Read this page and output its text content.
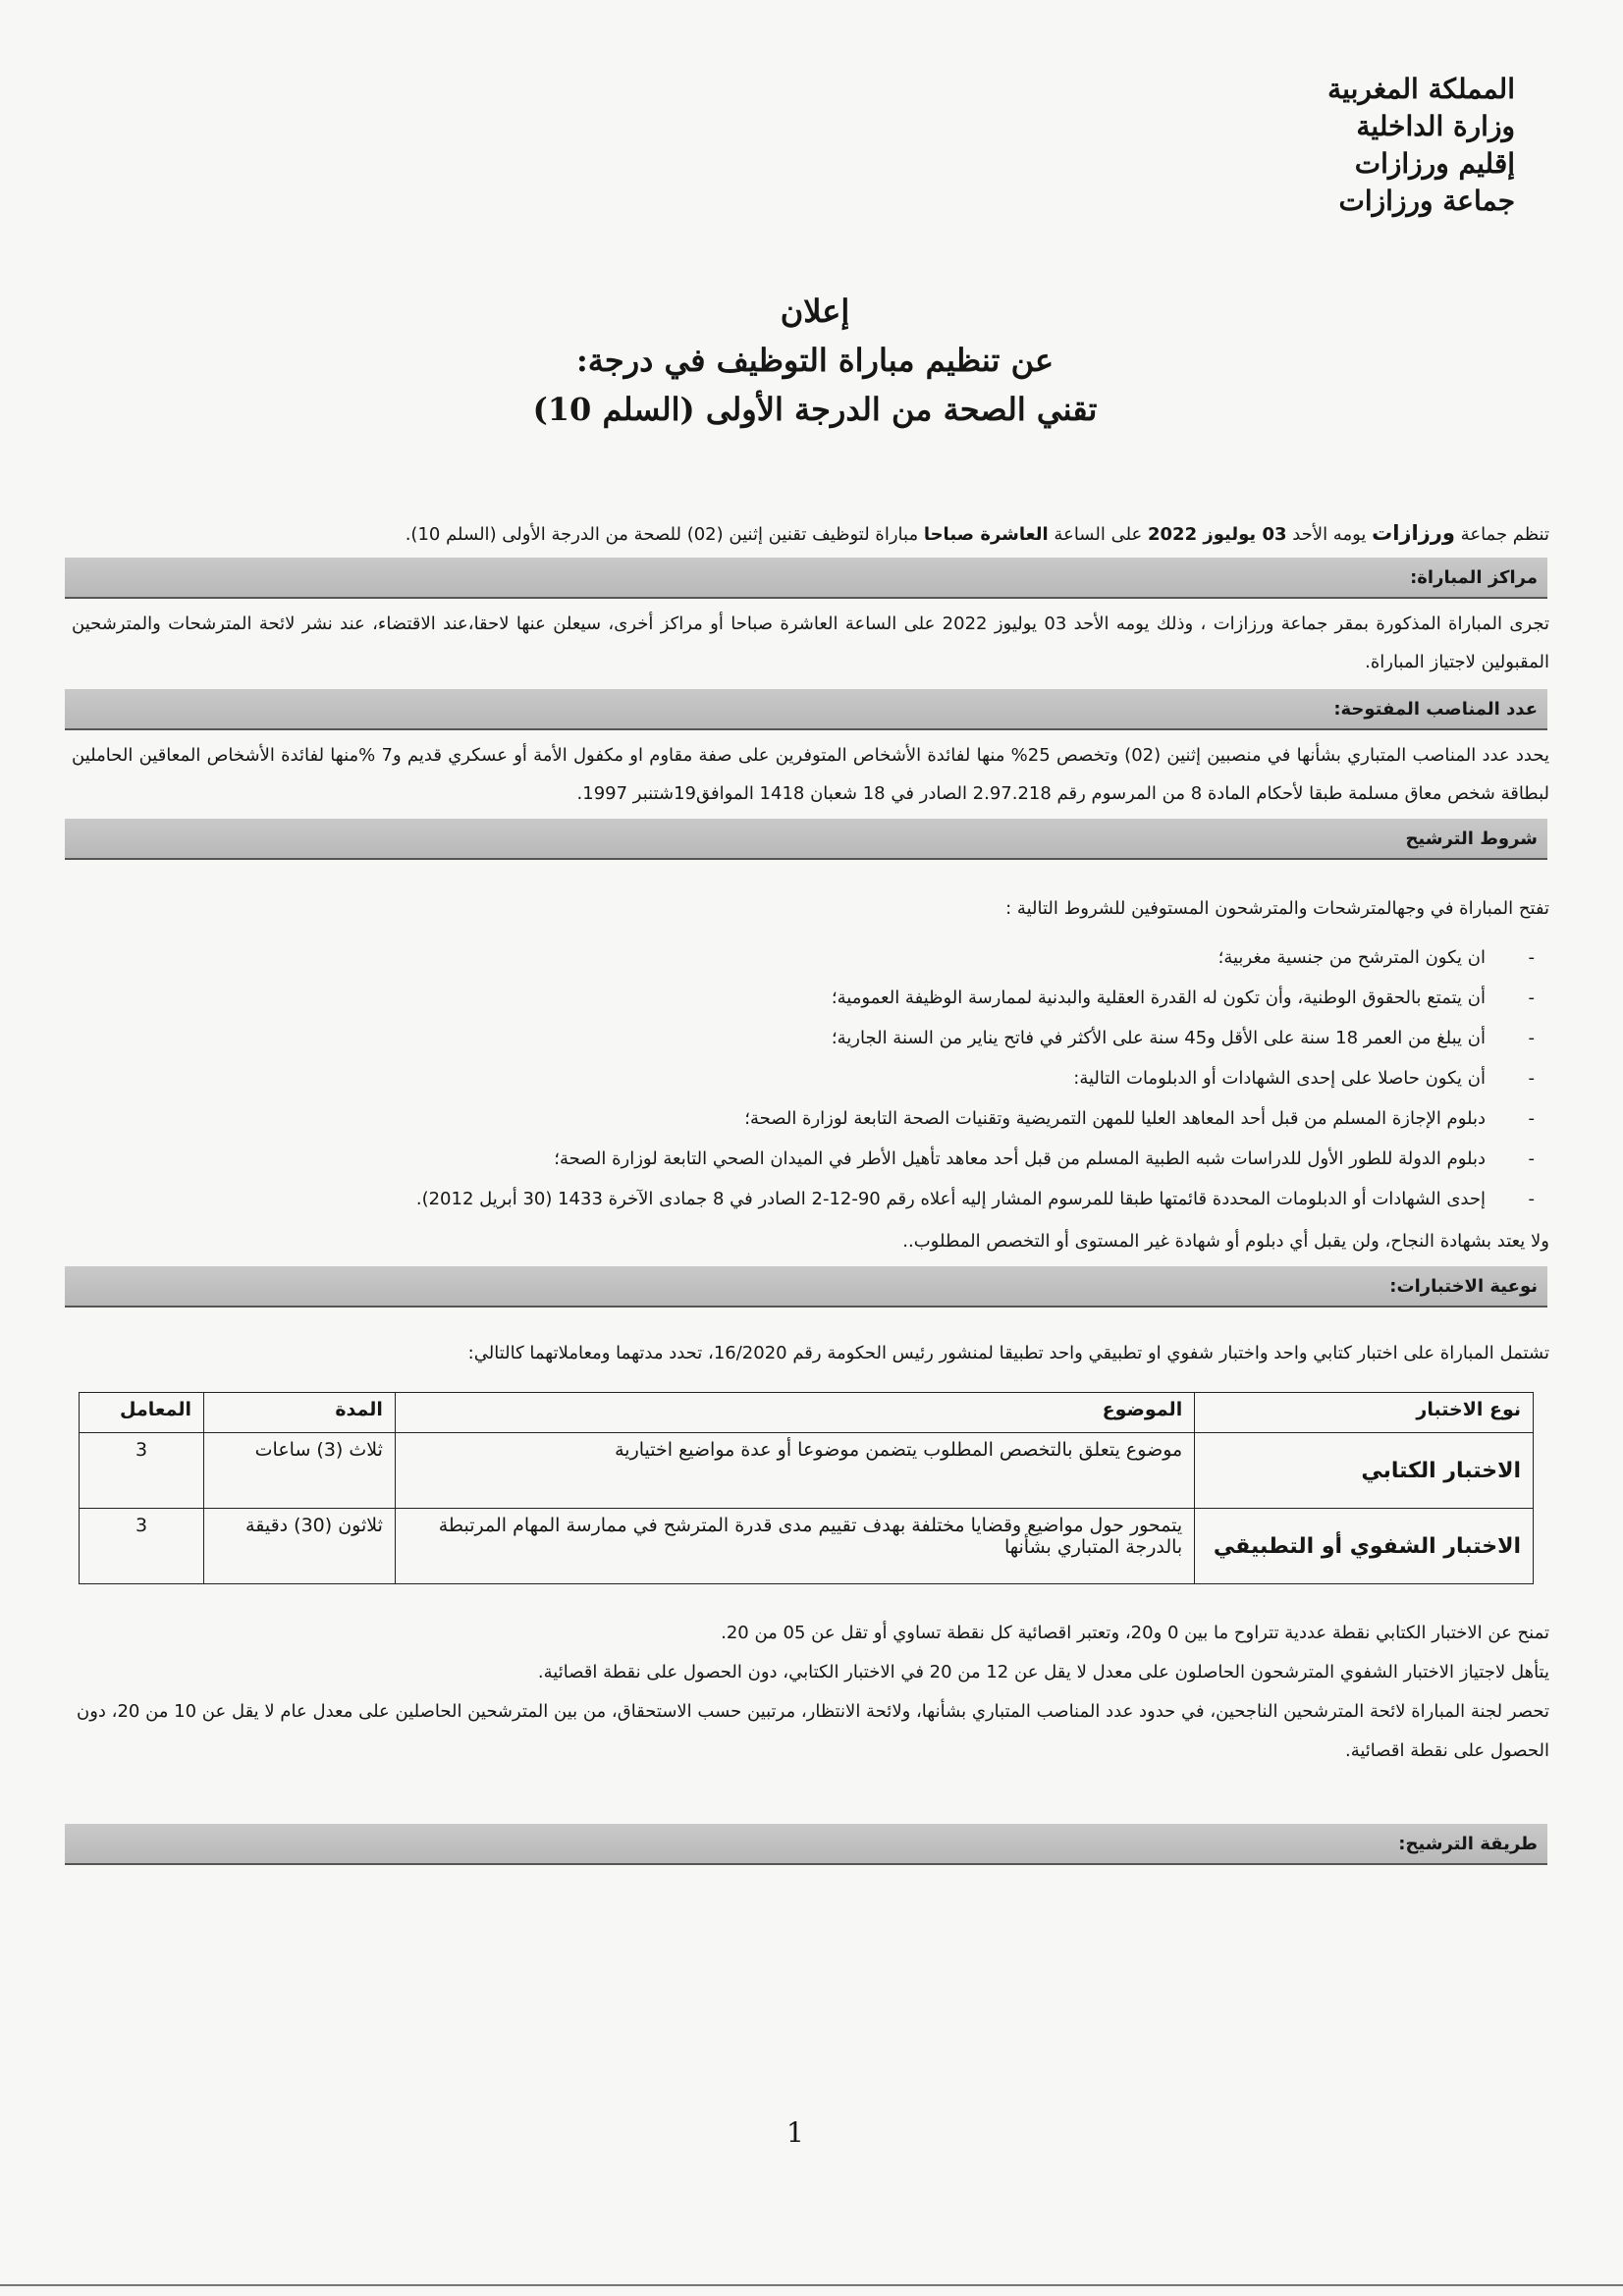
المملكة المغربية
وزارة الداخلية
إقليم ورزازات
جماعة ورزازات
إعلان
عن تنظيم مباراة التوظيف في درجة:
تقني الصحة من الدرجة الأولى (السلم 10)
تنظم جماعة ورزازات يومه الأحد 03 يوليوز 2022 على الساعة العاشرة صباحا مباراة لتوظيف تقنين إثنين (02) للصحة من الدرجة الأولى (السلم 10).
مراكز المباراة:
تجرى المباراة المذكورة بمقر جماعة ورزازات ، وذلك يومه الأحد 03 يوليوز 2022 على الساعة العاشرة صباحا أو مراكز أخرى، سيعلن عنها لاحقا،عند الاقتضاء، عند نشر لائحة المترشحات والمترشحين المقبولين لاجتياز المباراة.
عدد المناصب المفتوحة:
يحدد عدد المناصب المتباري بشأنها في منصبين إثنين (02) وتخصص 25% منها لفائدة الأشخاص المتوفرين على صفة مقاوم او مكفول الأمة أو عسكري قديم و7 %منها لفائدة الأشخاص المعاقين الحاملين لبطاقة شخص معاق مسلمة طبقا لأحكام المادة 8 من المرسوم رقم 2.97.218 الصادر في 18 شعبان 1418 الموافق19شتنبر 1997.
شروط الترشيح
تفتح المباراة في وجهالمترشحات والمترشحون المستوفين للشروط التالية :
-
ان يكون المترشح من جنسية مغربية؛
-
أن يتمتع بالحقوق الوطنية، وأن تكون له القدرة العقلية والبدنية لممارسة الوظيفة العمومية؛
-
أن يبلغ من العمر 18 سنة على الأقل و45 سنة على الأكثر في فاتح يناير من السنة الجارية؛
-
أن يكون حاصلا على إحدى الشهادات أو الدبلومات التالية:
-
دبلوم الإجازة المسلم من قبل أحد المعاهد العليا للمهن التمريضية وتقنيات الصحة التابعة لوزارة الصحة؛
-
دبلوم الدولة للطور الأول للدراسات شبه الطبية المسلم من قبل أحد معاهد تأهيل الأطر في الميدان الصحي التابعة لوزارة الصحة؛
-
إحدى الشهادات أو الدبلومات المحددة قائمتها طبقا للمرسوم المشار إليه أعلاه رقم 90-12-2 الصادر في 8 جمادى الآخرة 1433 (30 أبريل 2012).
ولا يعتد بشهادة النجاح، ولن يقبل أي دبلوم أو شهادة غير المستوى أو التخصص المطلوب..
نوعية الاختبارات:
تشتمل المباراة على اختبار كتابي واحد واختبار شفوي او تطبيقي واحد تطبيقا لمنشور رئيس الحكومة رقم 16/2020، تحدد مدتهما ومعاملاتهما كالتالي:
نوع الاختبار	الموضوع	المدة	المعامل
الاختبار الكتابي	موضوع يتعلق بالتخصص المطلوب يتضمن موضوعا أو عدة مواضيع اختيارية	ثلاث (3) ساعات	3
الاختبار الشفوي أو التطبيقي	يتمحور حول مواضيع وقضايا مختلفة بهدف تقييم مدى قدرة المترشح في ممارسة المهام المرتبطة بالدرجة المتباري بشأنها	ثلاثون (30) دقيقة	3
تمنح عن الاختبار الكتابي نقطة عددية تتراوح ما بين 0 و20، وتعتبر اقصائية كل نقطة تساوي أو تقل عن 05 من 20.
يتأهل لاجتياز الاختبار الشفوي المترشحون الحاصلون على معدل لا يقل عن 12 من 20 في الاختبار الكتابي، دون الحصول على نقطة اقصائية.
تحصر لجنة المباراة لائحة المترشحين الناجحين، في حدود عدد المناصب المتباري بشأنها، ولائحة الانتظار، مرتبين حسب الاستحقاق، من بين المترشحين الحاصلين على معدل عام لا يقل عن 10 من 20، دون الحصول على نقطة اقصائية.
طريقة الترشيح:
1
